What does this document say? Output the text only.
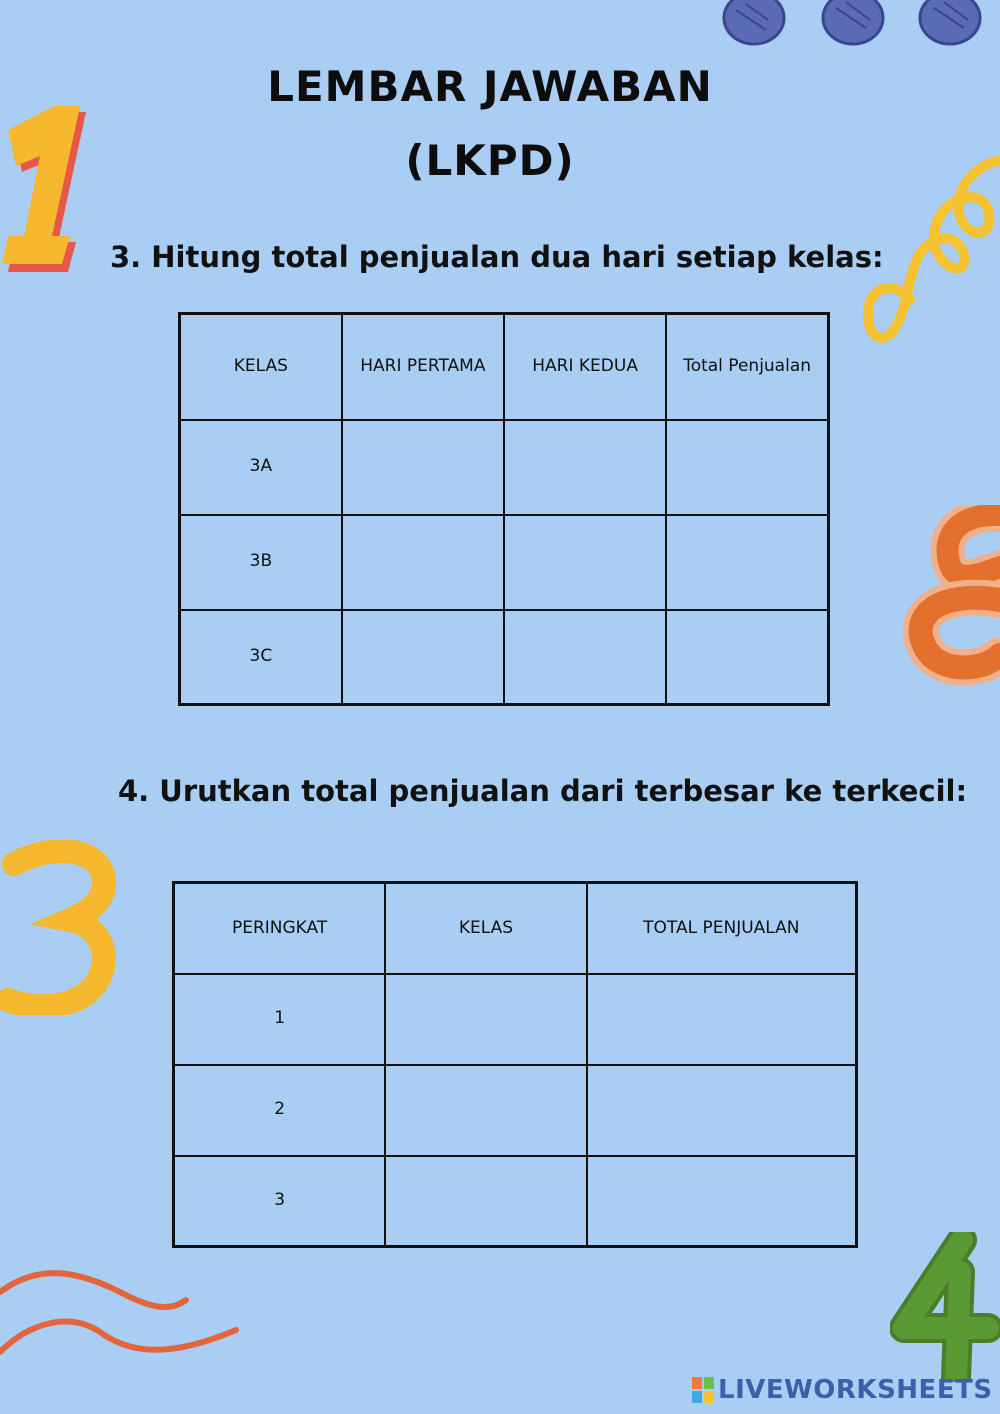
LEMBAR JAWABAN
(LKPD)
3. Hitung total penjualan dua hari setiap kelas:
KELAS	HARI PERTAMA	HARI KEDUA	Total Penjualan
3A			
3B			
3C			
4. Urutkan total penjualan dari terbesar ke terkecil:
PERINGKAT	KELAS	TOTAL PENJUALAN
1		
2		
3		
LIVEWORKSHEETS
